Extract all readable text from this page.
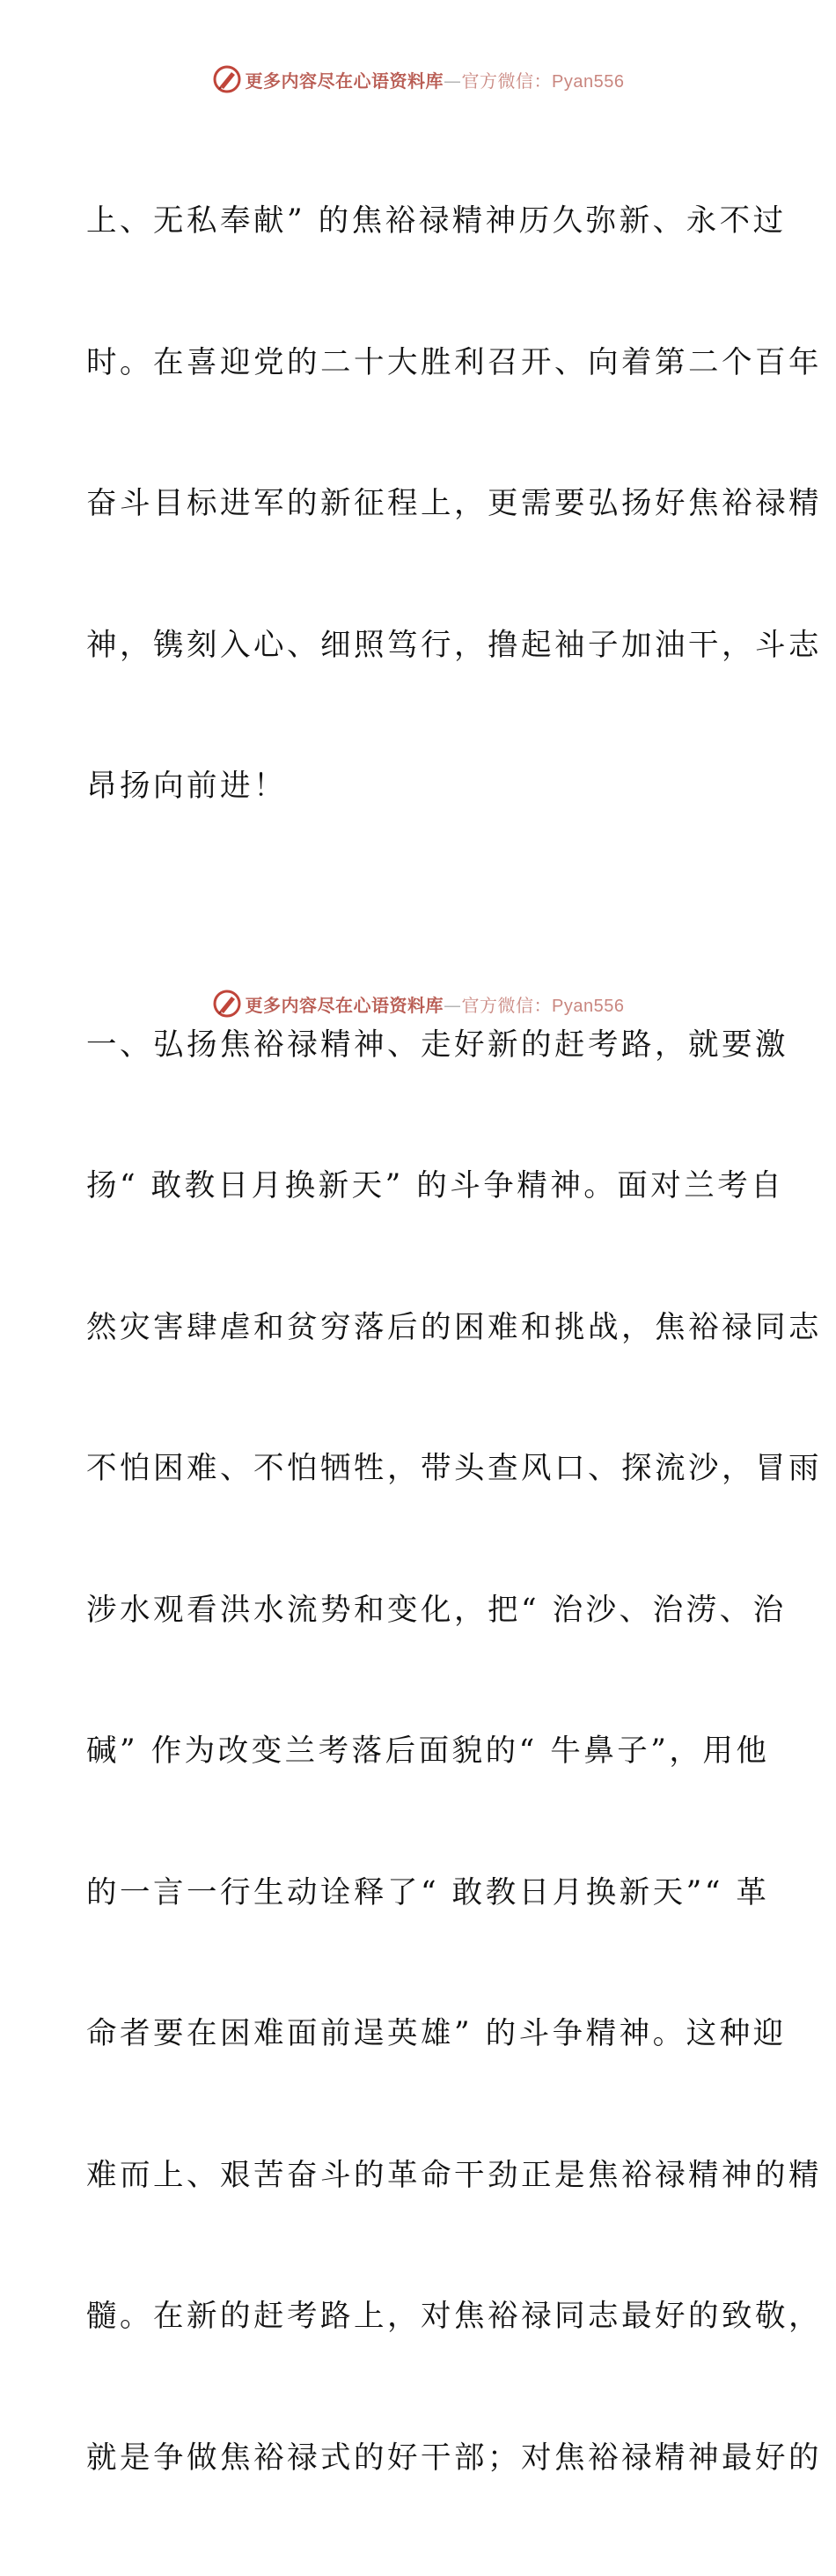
更多内容尽在心语资料库—官方微信：Pyan556

上、无私奉献” 的焦裕禄精神历久弥新、永不过

时。在喜迎党的二十大胜利召开、向着第二个百年

奋斗目标进军的新征程上，更需要弘扬好焦裕禄精

神，镌刻入心、细照笃行，撸起袖子加油干，斗志

昂扬向前进！

一、弘扬焦裕禄精神、走好新的赶考路，就要激

扬“ 敢教日月换新天” 的斗争精神。面对兰考自

然灾害肆虐和贫穷落后的困难和挑战，焦裕禄同志

不怕困难、不怕牺牲，带头查风口、探流沙，冒雨

涉水观看洪水流势和变化，把“ 治沙、治涝、治

碱” 作为改变兰考落后面貌的“ 牛鼻子”，用他

的一言一行生动诠释了“ 敢教日月换新天”“ 革

命者要在困难面前逞英雄” 的斗争精神。这种迎

难而上、艰苦奋斗的革命干劲正是焦裕禄精神的精

髓。在新的赶考路上，对焦裕禄同志最好的致敬，

就是争做焦裕禄式的好干部；对焦裕禄精神最好的

更多内容尽在心语资料库—官方微信：Pyan556
